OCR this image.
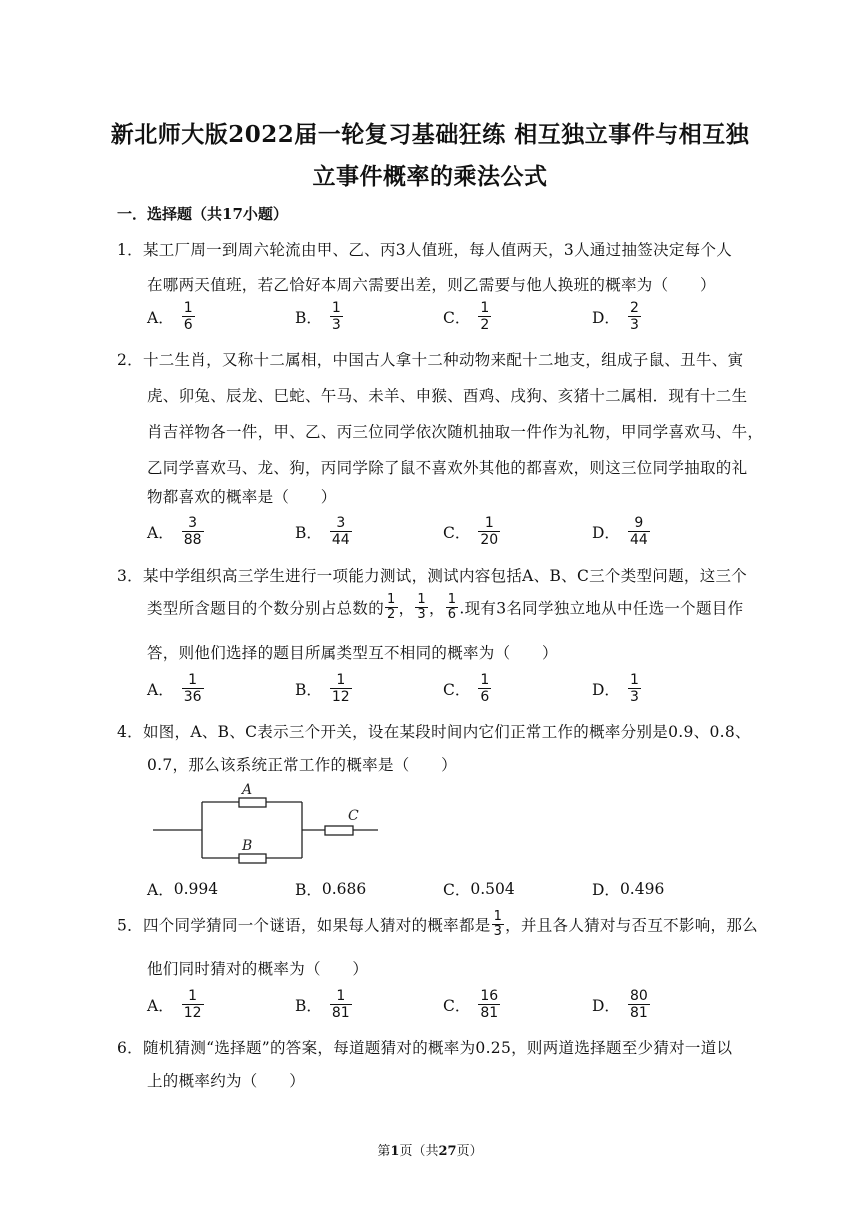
新北师大版2022届一轮复习基础狂练 相互独立事件与相互独
立事件概率的乘法公式
一．选择题（共17小题）
1．某工厂周一到周六轮流由甲、乙、丙3人值班，每人值两天，3人通过抽签决定每个人
在哪两天值班，若乙恰好本周六需要出差，则乙需要与他人换班的概率为（　　）
A． $\frac{1}{6}$	B． $\frac{1}{3}$	C． $\frac{1}{2}$	D． $\frac{2}{3}$
2．十二生肖，又称十二属相，中国古人拿十二种动物来配十二地支，组成子鼠、丑牛、寅
虎、卯兔、辰龙、巳蛇、午马、未羊、申猴、酉鸡、戌狗、亥猪十二属相．现有十二生
肖吉祥物各一件，甲、乙、丙三位同学依次随机抽取一件作为礼物，甲同学喜欢马、牛，
乙同学喜欢马、龙、狗，丙同学除了鼠不喜欢外其他的都喜欢，则这三位同学抽取的礼
物都喜欢的概率是（　　）
A． $\frac{3}{88}$	B． $\frac{3}{44}$	C． $\frac{1}{20}$	D． $\frac{9}{44}$
3．某中学组织高三学生进行一项能力测试，测试内容包括A、B、C三个类型问题，这三个
类型所含题目的个数分别占总数的 $\frac{1}{2}$ ， $\frac{1}{3}$ ， $\frac{1}{6}$ .现有3名同学独立地从中任选一个题目作
答，则他们选择的题目所属类型互不相同的概率为（　　）
A． $\frac{1}{36}$	B． $\frac{1}{12}$	C． $\frac{1}{6}$	D． $\frac{1}{3}$
4．如图，A、B、C表示三个开关，设在某段时间内它们正常工作的概率分别是0.9、0.8、
0.7，那么该系统正常工作的概率是（　　）
A
B
C
A．0.994	B．0.686	C．0.504	D．0.496
5．四个同学猜同一个谜语，如果每人猜对的概率都是 $\frac{1}{3}$ ，并且各人猜对与否互不影响，那么
他们同时猜对的概率为（　　）
A． $\frac{1}{12}$	B． $\frac{1}{81}$	C． $\frac{16}{81}$	D． $\frac{80}{81}$
6．随机猜测“选择题”的答案，每道题猜对的概率为0.25，则两道选择题至少猜对一道以
上的概率约为（　　）
第1页（共27页）
